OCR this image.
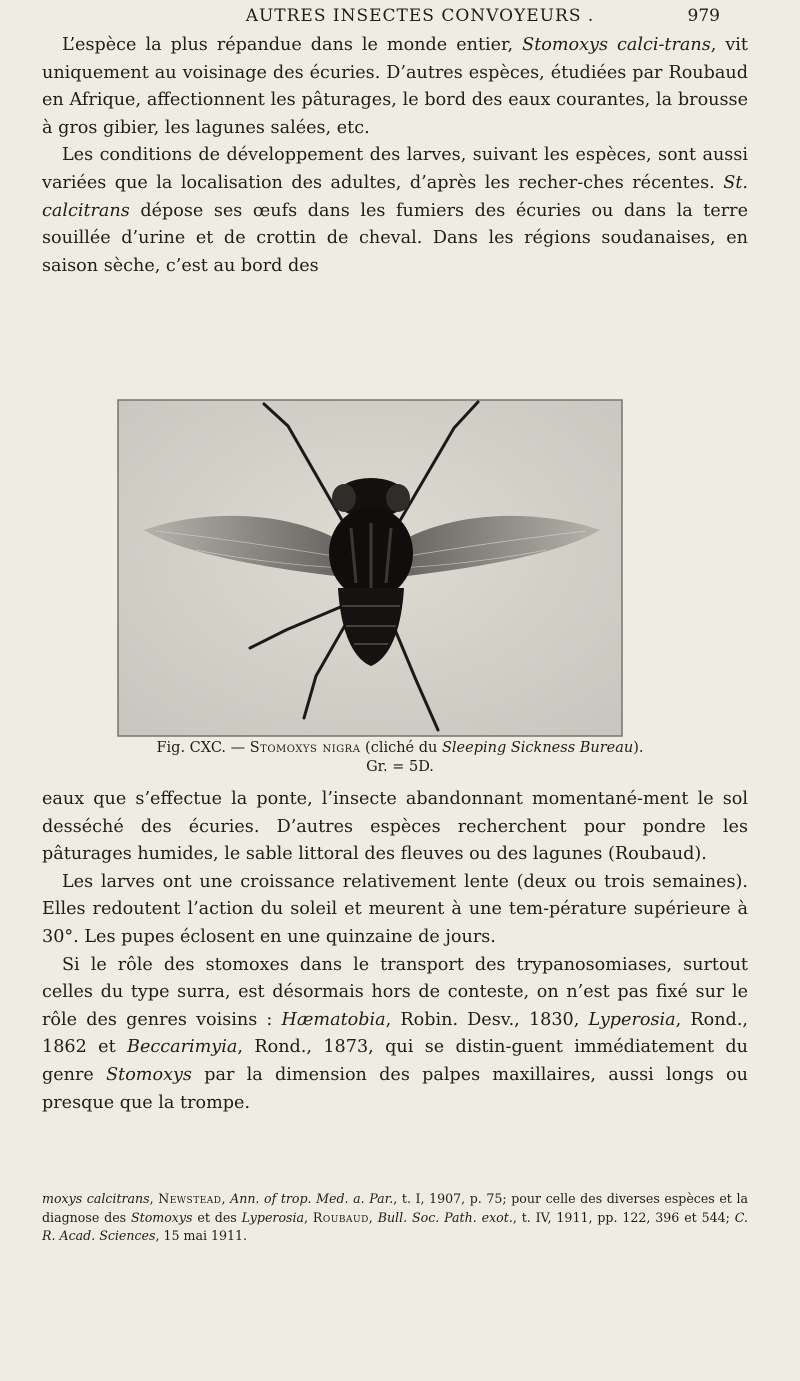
AUTRES INSECTES CONVOYEURS .	979

L’espèce la plus répandue dans le monde entier, Stomoxys calci-trans, vit uniquement au voisinage des écuries. D’autres espèces, étudiées par Roubaud en Afrique, affectionnent les pâturages, le bord des eaux courantes, la brousse à gros gibier, les lagunes salées, etc.

Les conditions de développement des larves, suivant les espèces, sont aussi variées que la localisation des adultes, d’après les recher-ches récentes. St. calcitrans dépose ses œufs dans les fumiers des écuries ou dans la terre souillée d’urine et de crottin de cheval. Dans les régions soudanaises, en saison sèche, c’est au bord des

Fig. CXC. — Stomoxys nigra (cliché du Sleeping Sickness Bureau).
Gr. = 5D.

eaux que s’effectue la ponte, l’insecte abandonnant momentané-ment le sol desséché des écuries. D’autres espèces recherchent pour pondre les pâturages humides, le sable littoral des fleuves ou des lagunes (Roubaud).

Les larves ont une croissance relativement lente (deux ou trois semaines). Elles redoutent l’action du soleil et meurent à une tem-pérature supérieure à 30°. Les pupes éclosent en une quinzaine de jours.

Si le rôle des stomoxes dans le transport des trypanosomiases, surtout celles du type surra, est désormais hors de conteste, on n’est pas fixé sur le rôle des genres voisins : Hæmatobia, Robin. Desv., 1830, Lyperosia, Rond., 1862 et Beccarimyia, Rond., 1873, qui se distin-guent immédiatement du genre Stomoxys par la dimension des palpes maxillaires, aussi longs ou presque que la trompe.

moxys calcitrans, Newstead, Ann. of trop. Med. a. Par., t. I, 1907, p. 75; pour celle des diverses espèces et la diagnose des Stomoxys et des Lyperosia, Roubaud, Bull. Soc. Path. exot., t. IV, 1911, pp. 122, 396 et 544; C. R. Acad. Sciences, 15 mai 1911.
